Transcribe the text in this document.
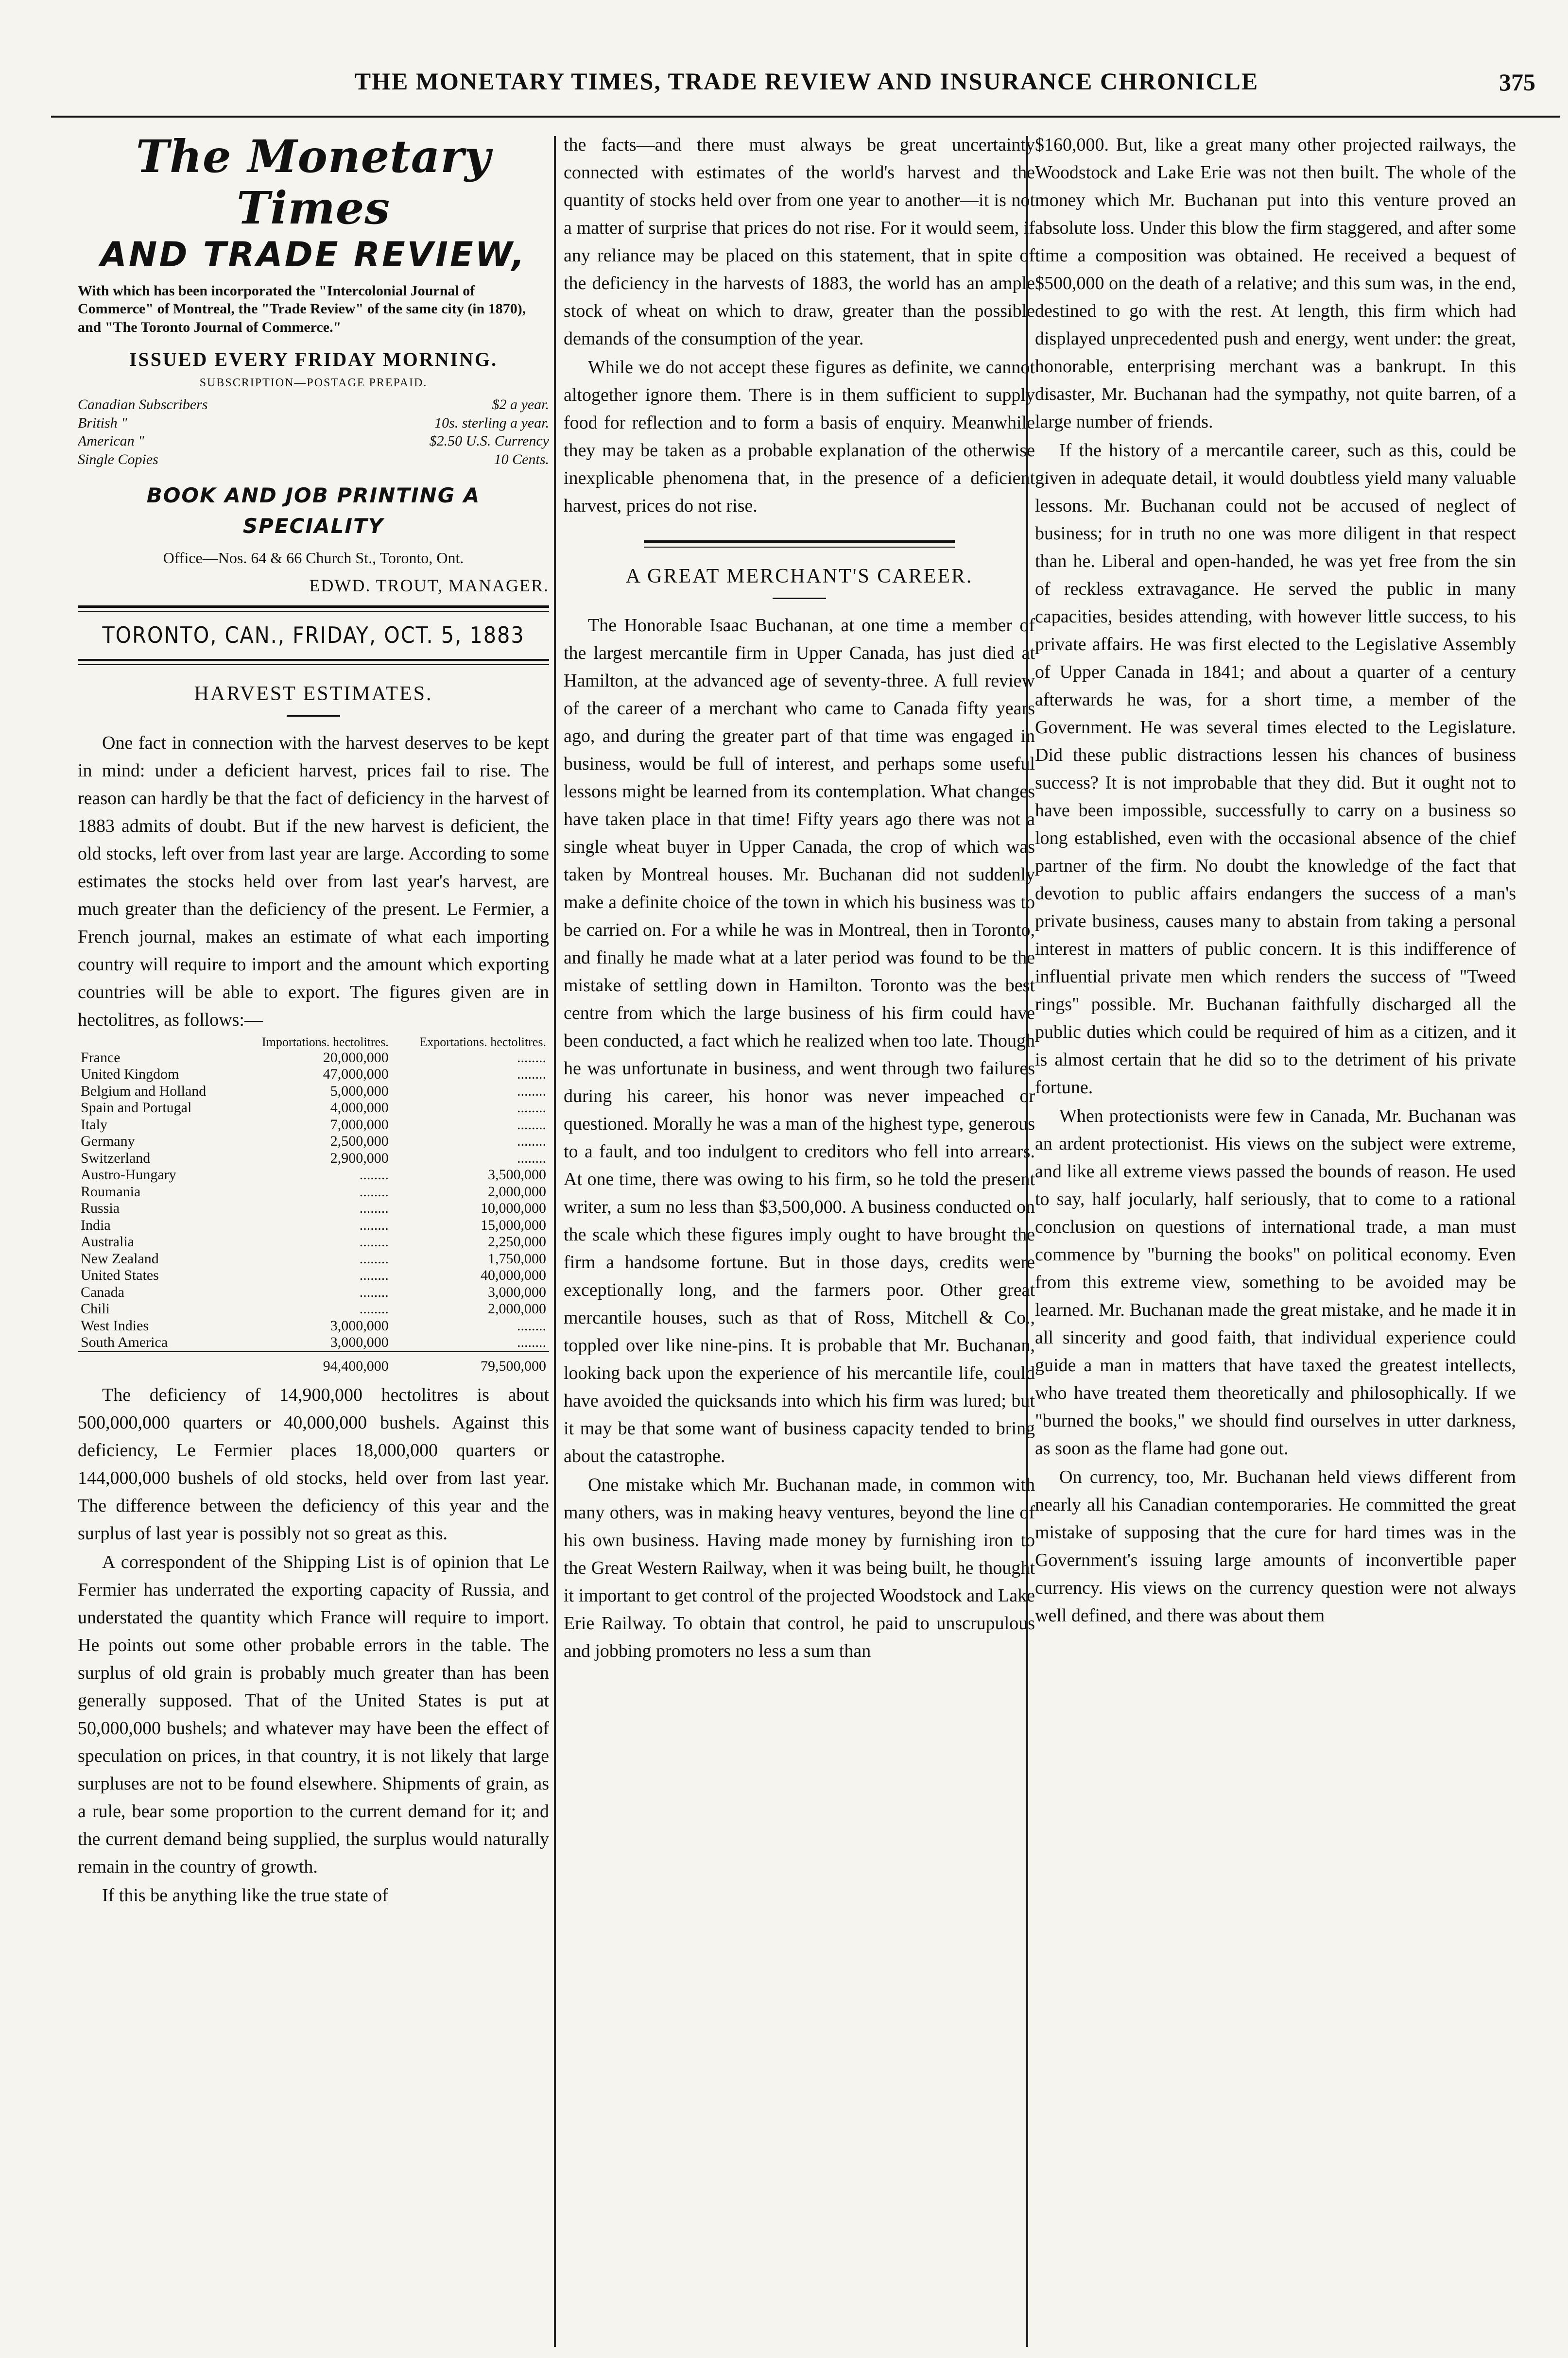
THE MONETARY TIMES, TRADE REVIEW AND INSURANCE CHRONICLE	375
The Monetary Times
AND TRADE REVIEW,
With which has been incorporated the "Intercolonial Journal of Commerce" of Montreal, the "Trade Review" of the same city (in 1870), and "The Toronto Journal of Commerce."
ISSUED EVERY FRIDAY MORNING.
SUBSCRIPTION—POSTAGE PREPAID.
Canadian Subscribers	$2 a year.
British "	10s. sterling a year.
American "	$2.50 U.S. Currency
Single Copies	10 Cents.
BOOK AND JOB PRINTING A SPECIALITY
Office—Nos. 64 & 66 Church St., Toronto, Ont.
EDWD. TROUT, MANAGER.
TORONTO, CAN., FRIDAY, OCT. 5, 1883
HARVEST ESTIMATES.

One fact in connection with the harvest deserves to be kept in mind: under a deficient harvest, prices fail to rise. The reason can hardly be that the fact of deficiency in the harvest of 1883 admits of doubt. But if the new harvest is deficient, the old stocks, left over from last year are large. According to some estimates the stocks held over from last year's harvest, are much greater than the deficiency of the present. Le Fermier, a French journal, makes an estimate of what each importing country will require to import and the amount which exporting countries will be able to export. The figures given are in hectolitres, as follows:—

	Importations. hectolitres.	Exportations. hectolitres.
France	20,000,000	........
United Kingdom	47,000,000	........
Belgium and Holland	5,000,000	........
Spain and Portugal	4,000,000	........
Italy	7,000,000	........
Germany	2,500,000	........
Switzerland	2,900,000	........
Austro-Hungary	........	3,500,000
Roumania	........	2,000,000
Russia	........	10,000,000
India	........	15,000,000
Australia	........	2,250,000
New Zealand	........	1,750,000
United States	........	40,000,000
Canada	........	3,000,000
Chili	........	2,000,000
West Indies	3,000,000	........
South America	3,000,000	........
	94,400,000	79,500,000

The deficiency of 14,900,000 hectolitres is about 500,000,000 quarters or 40,000,000 bushels. Against this deficiency, Le Fermier places 18,000,000 quarters or 144,000,000 bushels of old stocks, held over from last year. The difference between the deficiency of this year and the surplus of last year is possibly not so great as this.

A correspondent of the Shipping List is of opinion that Le Fermier has underrated the exporting capacity of Russia, and understated the quantity which France will require to import. He points out some other probable errors in the table. The surplus of old grain is probably much greater than has been generally supposed. That of the United States is put at 50,000,000 bushels; and whatever may have been the effect of speculation on prices, in that country, it is not likely that large surpluses are not to be found elsewhere. Shipments of grain, as a rule, bear some proportion to the current demand for it; and the current demand being supplied, the surplus would naturally remain in the country of growth.

If this be anything like the true state of

the facts—and there must always be great uncertainty connected with estimates of the world's harvest and the quantity of stocks held over from one year to another—it is not a matter of surprise that prices do not rise. For it would seem, if any reliance may be placed on this statement, that in spite of the deficiency in the harvests of 1883, the world has an ample stock of wheat on which to draw, greater than the possible demands of the consumption of the year.

While we do not accept these figures as definite, we cannot altogether ignore them. There is in them sufficient to supply food for reflection and to form a basis of enquiry. Meanwhile they may be taken as a probable explanation of the otherwise inexplicable phenomena that, in the presence of a deficient harvest, prices do not rise.

A GREAT MERCHANT'S CAREER.

The Honorable Isaac Buchanan, at one time a member of the largest mercantile firm in Upper Canada, has just died at Hamilton, at the advanced age of seventy-three. A full review of the career of a merchant who came to Canada fifty years ago, and during the greater part of that time was engaged in business, would be full of interest, and perhaps some useful lessons might be learned from its contemplation. What changes have taken place in that time! Fifty years ago there was not a single wheat buyer in Upper Canada, the crop of which was taken by Montreal houses. Mr. Buchanan did not suddenly make a definite choice of the town in which his business was to be carried on. For a while he was in Montreal, then in Toronto, and finally he made what at a later period was found to be the mistake of settling down in Hamilton. Toronto was the best centre from which the large business of his firm could have been conducted, a fact which he realized when too late. Though he was unfortunate in business, and went through two failures during his career, his honor was never impeached or questioned. Morally he was a man of the highest type, generous to a fault, and too indulgent to creditors who fell into arrears. At one time, there was owing to his firm, so he told the present writer, a sum no less than $3,500,000. A business conducted on the scale which these figures imply ought to have brought the firm a handsome fortune. But in those days, credits were exceptionally long, and the farmers poor. Other great mercantile houses, such as that of Ross, Mitchell & Co., toppled over like nine-pins. It is probable that Mr. Buchanan, looking back upon the experience of his mercantile life, could have avoided the quicksands into which his firm was lured; but it may be that some want of business capacity tended to bring about the catastrophe.

One mistake which Mr. Buchanan made, in common with many others, was in making heavy ventures, beyond the line of his own business. Having made money by furnishing iron to the Great Western Railway, when it was being built, he thought it important to get control of the projected Woodstock and Lake Erie Railway. To obtain that control, he paid to unscrupulous and jobbing promoters no less a sum than

$160,000. But, like a great many other projected railways, the Woodstock and Lake Erie was not then built. The whole of the money which Mr. Buchanan put into this venture proved an absolute loss. Under this blow the firm staggered, and after some time a composition was obtained. He received a bequest of $500,000 on the death of a relative; and this sum was, in the end, destined to go with the rest. At length, this firm which had displayed unprecedented push and energy, went under: the great, honorable, enterprising merchant was a bankrupt. In this disaster, Mr. Buchanan had the sympathy, not quite barren, of a large number of friends.

If the history of a mercantile career, such as this, could be given in adequate detail, it would doubtless yield many valuable lessons. Mr. Buchanan could not be accused of neglect of business; for in truth no one was more diligent in that respect than he. Liberal and open-handed, he was yet free from the sin of reckless extravagance. He served the public in many capacities, besides attending, with however little success, to his private affairs. He was first elected to the Legislative Assembly of Upper Canada in 1841; and about a quarter of a century afterwards he was, for a short time, a member of the Government. He was several times elected to the Legislature. Did these public distractions lessen his chances of business success? It is not improbable that they did. But it ought not to have been impossible, successfully to carry on a business so long established, even with the occasional absence of the chief partner of the firm. No doubt the knowledge of the fact that devotion to public affairs endangers the success of a man's private business, causes many to abstain from taking a personal interest in matters of public concern. It is this indifference of influential private men which renders the success of "Tweed rings" possible. Mr. Buchanan faithfully discharged all the public duties which could be required of him as a citizen, and it is almost certain that he did so to the detriment of his private fortune.

When protectionists were few in Canada, Mr. Buchanan was an ardent protectionist. His views on the subject were extreme, and like all extreme views passed the bounds of reason. He used to say, half jocularly, half seriously, that to come to a rational conclusion on questions of international trade, a man must commence by "burning the books" on political economy. Even from this extreme view, something to be avoided may be learned. Mr. Buchanan made the great mistake, and he made it in all sincerity and good faith, that individual experience could guide a man in matters that have taxed the greatest intellects, who have treated them theoretically and philosophically. If we "burned the books," we should find ourselves in utter darkness, as soon as the flame had gone out.

On currency, too, Mr. Buchanan held views different from nearly all his Canadian contemporaries. He committed the great mistake of supposing that the cure for hard times was in the Government's issuing large amounts of inconvertible paper currency. His views on the currency question were not always well defined, and there was about them
